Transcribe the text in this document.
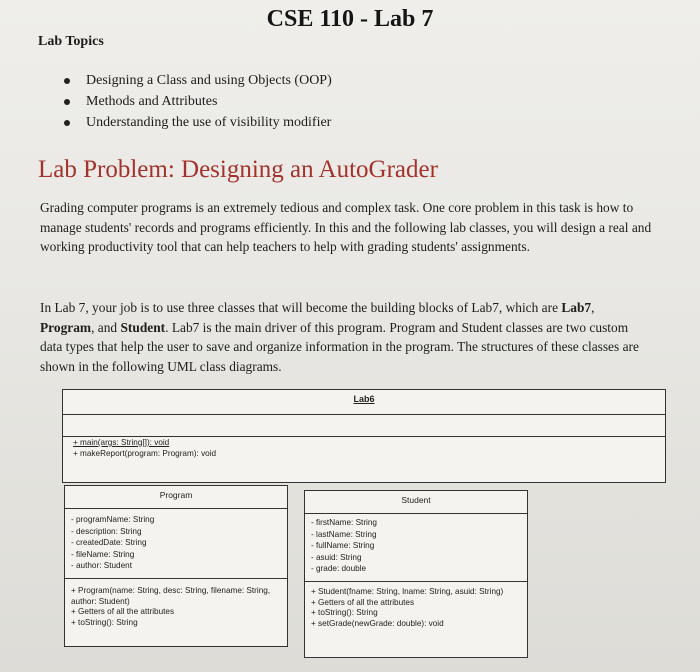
CSE 110 - Lab 7
Lab Topics
Designing a Class and using Objects (OOP)
Methods and Attributes
Understanding the use of visibility modifier
Lab Problem: Designing an AutoGrader

Grading computer programs is an extremely tedious and complex task. One core problem in this task is how to manage students' records and programs efficiently. In this and the following lab classes, you will design a real and working productivity tool that can help teachers to help with grading students' assignments.

In Lab 7, your job is to use three classes that will become the building blocks of Lab7, which are Lab7, Program, and Student. Lab7 is the main driver of this program. Program and Student classes are two custom data types that help the user to save and organize information in the program. The structures of these classes are shown in the following UML class diagrams.

Lab6
+ main(args: String[]): void
+ makeReport(program: Program): void
Program
- programName: String
- description: String
- createdDate: String
- fileName: String
- author: Student
+ Program(name: String, desc: String, filename: String, author: Student)
+ Getters of all the attributes
+ toString(): String
Student
- firstName: String
- lastName: String
- fullName: String
- asuid: String
- grade: double
+ Student(fname: String, lname: String, asuid: String)
+ Getters of all the attributes
+ toString(): String
+ setGrade(newGrade: double): void
